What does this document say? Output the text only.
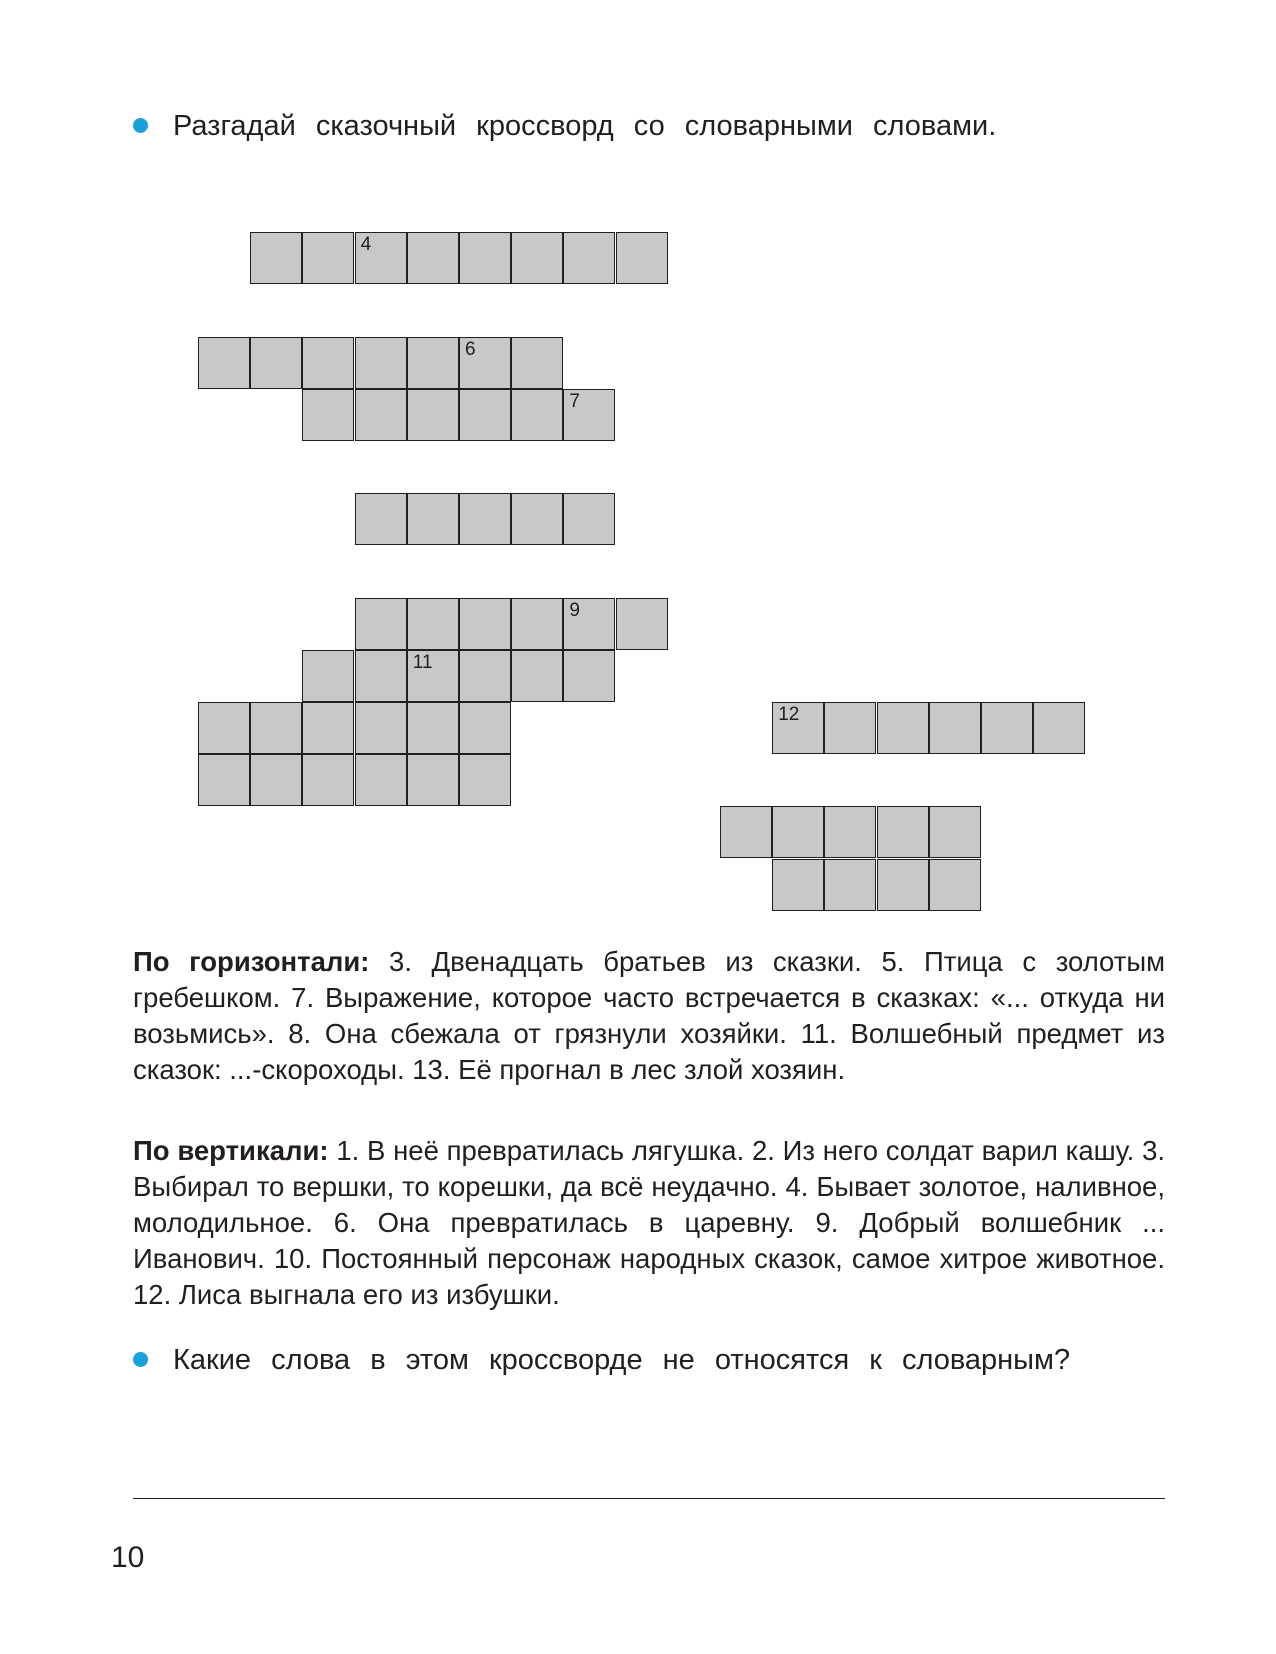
Разгадай сказочный кроссворд со словарными словами.
4
6
7
9
11
12
По горизонтали: 3. Двенадцать братьев из сказки. 5. Птица с золотым гребешком. 7. Выражение, которое часто встречается в сказках: «... откуда ни возьмись». 8. Она сбежала от грязнули хозяйки. 11. Волшебный предмет из сказок: ...-скороходы. 13. Её прогнал в лес злой хозяин.
По вертикали: 1. В неё превратилась лягушка. 2. Из него солдат варил кашу. 3. Выбирал то вершки, то корешки, да всё неудачно. 4. Бывает золотое, наливное, молодильное. 6. Она превратилась в царевну. 9. Добрый волшебник ... Иванович. 10. Постоянный персонаж народных сказок, самое хитрое животное. 12. Лиса выгнала его из избушки.
Какие слова в этом кроссворде не относятся к словарным?
10
